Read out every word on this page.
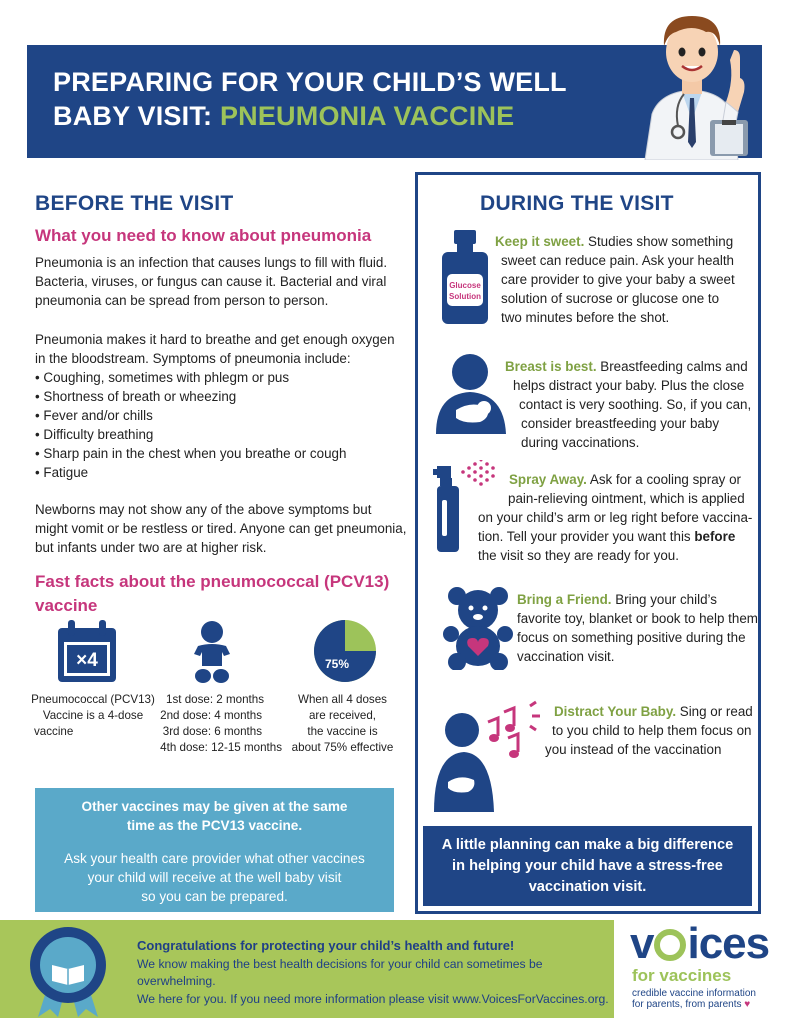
PREPARING FOR YOUR CHILD’S WELL
BABY VISIT: PNEUMONIA VACCINE
BEFORE THE VISIT
What you need to know about pneumonia
Pneumonia is an infection that causes lungs to fill with fluid.
Bacteria, viruses, or fungus can cause it. Bacterial and viral
pneumonia can be spread from person to person.
Pneumonia makes it hard to breathe and get enough oxygen
in the bloodstream. Symptoms of pneumonia include:
• Coughing, sometimes with phlegm or pus
• Shortness of breath or wheezing
• Fever and/or chills
• Difficulty breathing
• Sharp pain in the chest when you breathe or cough
• Fatigue
Newborns may not show any of the above symptoms but
might vomit or be restless or tired. Anyone can get pneumonia,
but infants under two are at higher risk.
Fast facts about the pneumococcal (PCV13)
vaccine
×4	75%
Pneumococcal (PCV13)
Vaccine is a 4-dose
vaccine
1st dose: 2 months
2nd dose: 4 months
3rd dose: 6 months
4th dose: 12-15 months
When all 4 doses
are received,
the vaccine is
about 75% effective
Other vaccines may be given at the same
time as the PCV13 vaccine.
Ask your health care provider what other vaccines
your child will receive at the well baby visit
so you can be prepared.
DURING THE VISIT
Glucose
Solution
Keep it sweet. Studies show something
sweet can reduce pain. Ask your health
care provider to give your baby a sweet
solution of sucrose or glucose one to
two minutes before the shot.
Breast is best. Breastfeeding calms and
helps distract your baby. Plus the close
contact is very soothing. So, if you can,
consider breastfeeding your baby
during vaccinations.
Spray Away. Ask for a cooling spray or
pain-relieving ointment, which is applied
on your child’s arm or leg right before vaccina-
tion. Tell your provider you want this before
the visit so they are ready for you.
Bring a Friend. Bring your child’s
favorite toy, blanket or book to help them
focus on something positive during the
vaccination visit.
Distract Your Baby. Sing or read
to you child to help them focus on
you instead of the vaccination
A little planning can make a big difference
in helping your child have a stress-free
vaccination visit.
Congratulations for protecting your child’s health and future!
We know making the best health decisions for your child can sometimes be overwhelming.
We here for you. If you need more information please visit www.VoicesForVaccines.org.
v ices
for vaccines
credible vaccine information
for parents, from parents ♥
